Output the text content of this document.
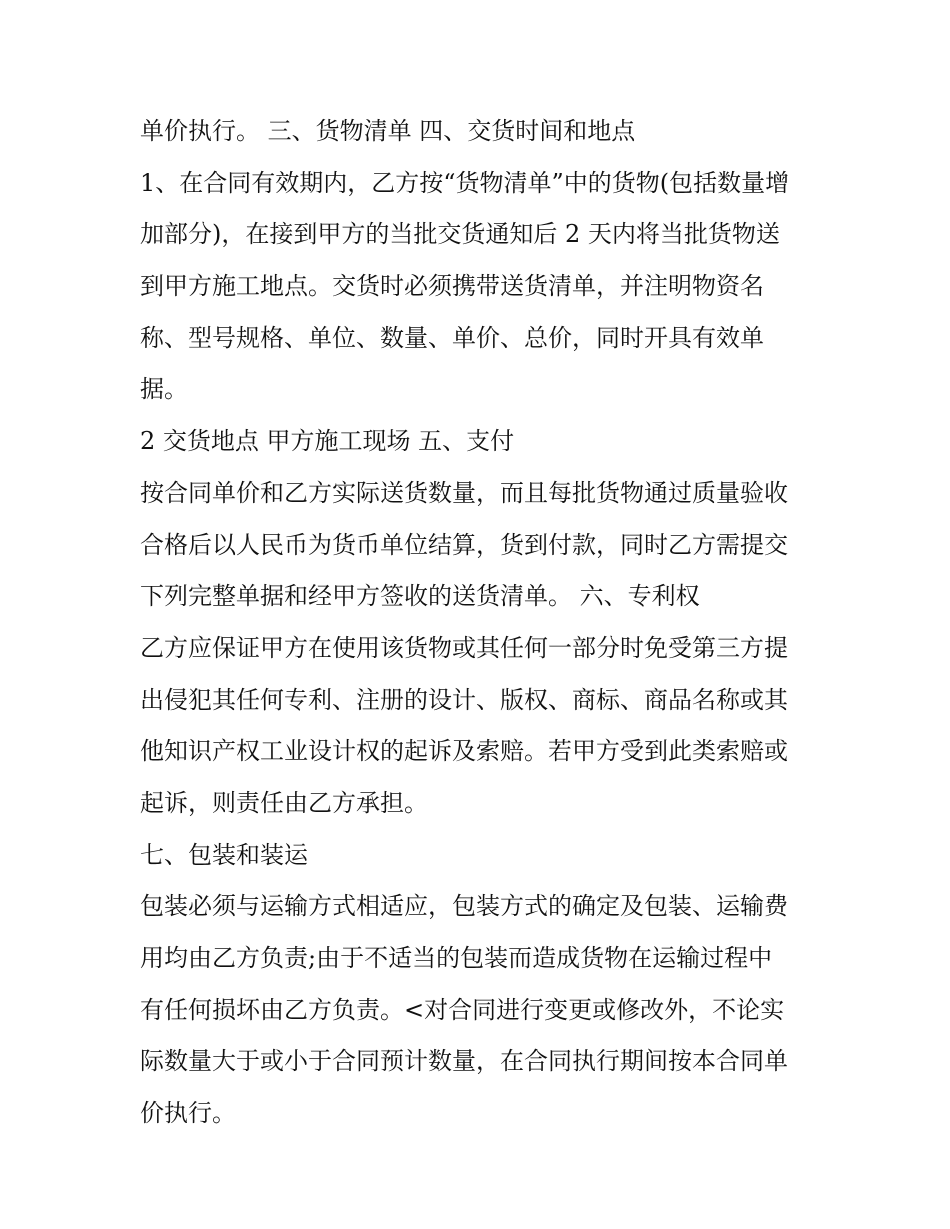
单价执行。 三、货物清单 四、交货时间和地点
1、在合同有效期内，乙方按“货物清单”中的货物(包括数量增
加部分)，在接到甲方的当批交货通知后 2 天内将当批货物送
到甲方施工地点。交货时必须携带送货清单，并注明物资名
称、型号规格、单位、数量、单价、总价，同时开具有效单
据。
2 交货地点 甲方施工现场 五、支付
按合同单价和乙方实际送货数量，而且每批货物通过质量验收
合格后以人民币为货币单位结算，货到付款，同时乙方需提交
下列完整单据和经甲方签收的送货清单。 六、专利权
乙方应保证甲方在使用该货物或其任何一部分时免受第三方提
出侵犯其任何专利、注册的设计、版权、商标、商品名称或其
他知识产权工业设计权的起诉及索赔。若甲方受到此类索赔或
起诉，则责任由乙方承担。
七、包装和装运
包装必须与运输方式相适应，包装方式的确定及包装、运输费
用均由乙方负责;由于不适当的包装而造成货物在运输过程中
有任何损坏由乙方负责。<对合同进行变更或修改外，不论实
际数量大于或小于合同预计数量，在合同执行期间按本合同单
价执行。
